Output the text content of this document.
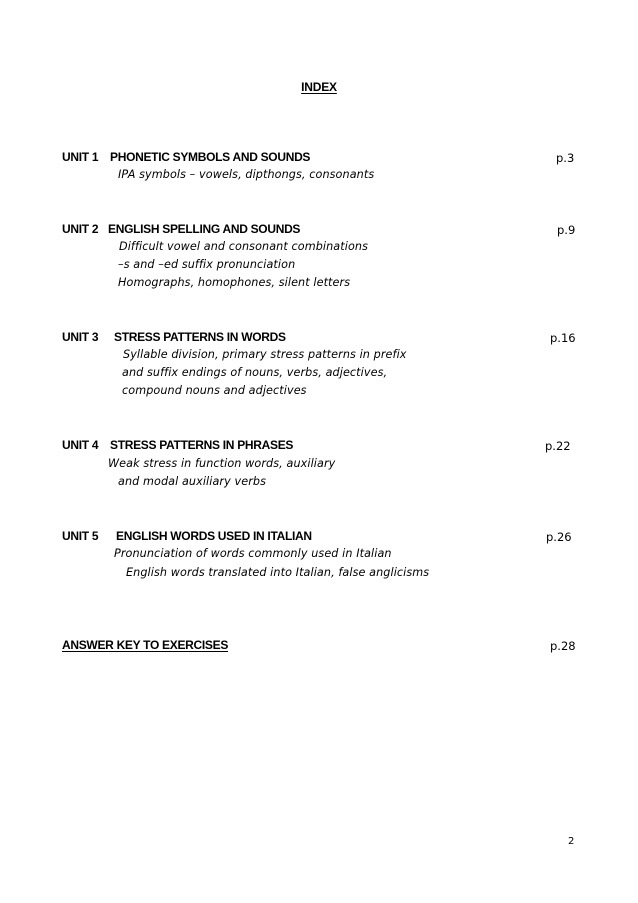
INDEX
UNIT 1 PHONETIC SYMBOLS AND SOUNDS	p.3
IPA symbols – vowels, dipthongs, consonants
UNIT 2 ENGLISH SPELLING AND SOUNDS	p.9
Difficult vowel and consonant combinations
–s and –ed suffix pronunciation
Homographs, homophones, silent letters
UNIT 3 STRESS PATTERNS IN WORDS	p.16
Syllable division, primary stress patterns in prefix
and suffix endings of nouns, verbs, adjectives,
compound nouns and adjectives
UNIT 4 STRESS PATTERNS IN PHRASES	p.22
Weak stress in function words, auxiliary
and modal auxiliary verbs
UNIT 5 ENGLISH WORDS USED IN ITALIAN	p.26
Pronunciation of words commonly used in Italian
English words translated into Italian, false anglicisms
ANSWER KEY TO EXERCISES	p.28
2
